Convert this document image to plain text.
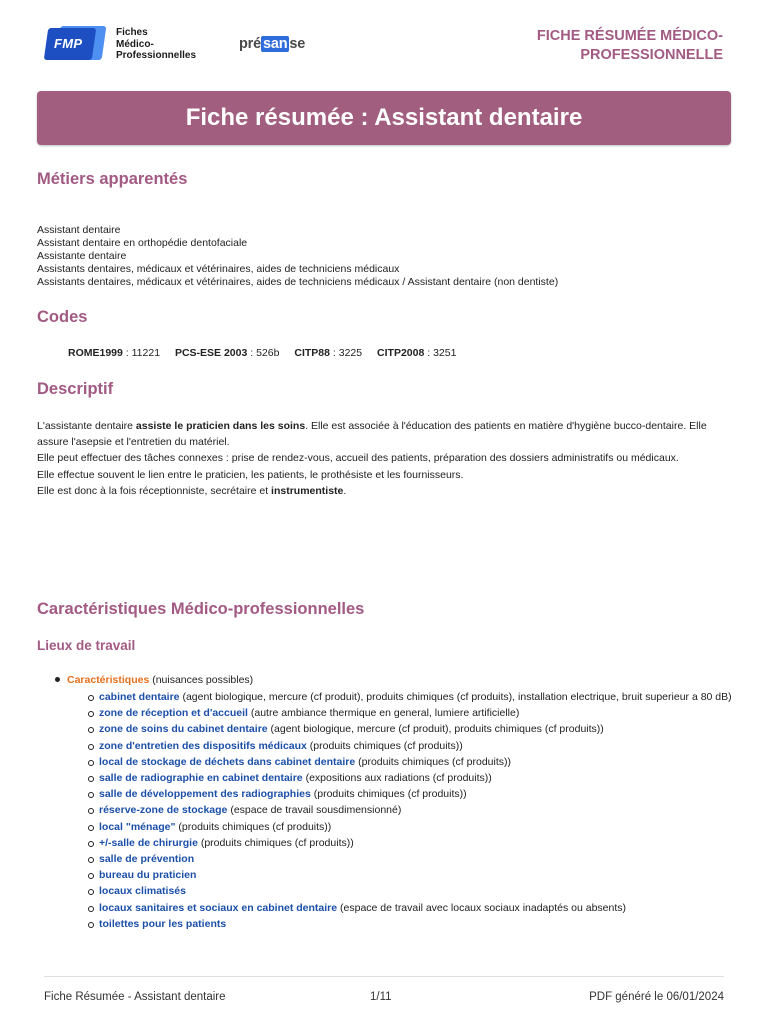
FMP
Fiches
Médico-
Professionnelles
pré san se	FICHE RÉSUMÉE MÉDICO-
PROFESSIONNELLE
Fiche résumée : Assistant dentaire
Métiers apparentés
Assistant dentaire
Assistant dentaire en orthopédie dentofaciale
Assistante dentaire
Assistants dentaires, médicaux et vétérinaires, aides de techniciens médicaux
Assistants dentaires, médicaux et vétérinaires, aides de techniciens médicaux / Assistant dentaire (non dentiste)
Codes
ROME1999 : 11221 PCS-ESE 2003 : 526b CITP88 : 3225 CITP2008 : 3251
Descriptif

L'assistante dentaire assiste le praticien dans les soins. Elle est associée à l'éducation des patients en matière d'hygiène bucco-dentaire. Elle assure l'asepsie et l'entretien du matériel.

Elle peut effectuer des tâches connexes : prise de rendez-vous, accueil des patients, préparation des dossiers administratifs ou médicaux.

Elle effectue souvent le lien entre le praticien, les patients, le prothésiste et les fournisseurs.

Elle est donc à la fois réceptionniste, secrétaire et instrumentiste.

Caractéristiques Médico-professionnelles
Lieux de travail
Caractéristiques (nuisances possibles)
cabinet dentaire (agent biologique, mercure (cf produit), produits chimiques (cf produits), installation electrique, bruit superieur a 80 dB)
zone de réception et d'accueil (autre ambiance thermique en general, lumiere artificielle)
zone de soins du cabinet dentaire (agent biologique, mercure (cf produit), produits chimiques (cf produits))
zone d'entretien des dispositifs médicaux (produits chimiques (cf produits))
local de stockage de déchets dans cabinet dentaire (produits chimiques (cf produits))
salle de radiographie en cabinet dentaire (expositions aux radiations (cf produits))
salle de développement des radiographies (produits chimiques (cf produits))
réserve-zone de stockage (espace de travail sousdimensionné)
local "ménage" (produits chimiques (cf produits))
+/-salle de chirurgie (produits chimiques (cf produits))
salle de prévention
bureau du praticien
locaux climatisés
locaux sanitaires et sociaux en cabinet dentaire (espace de travail avec locaux sociaux inadaptés ou absents)
toilettes pour les patients
Fiche Résumée - Assistant dentaire	1/11	PDF généré le 06/01/2024
